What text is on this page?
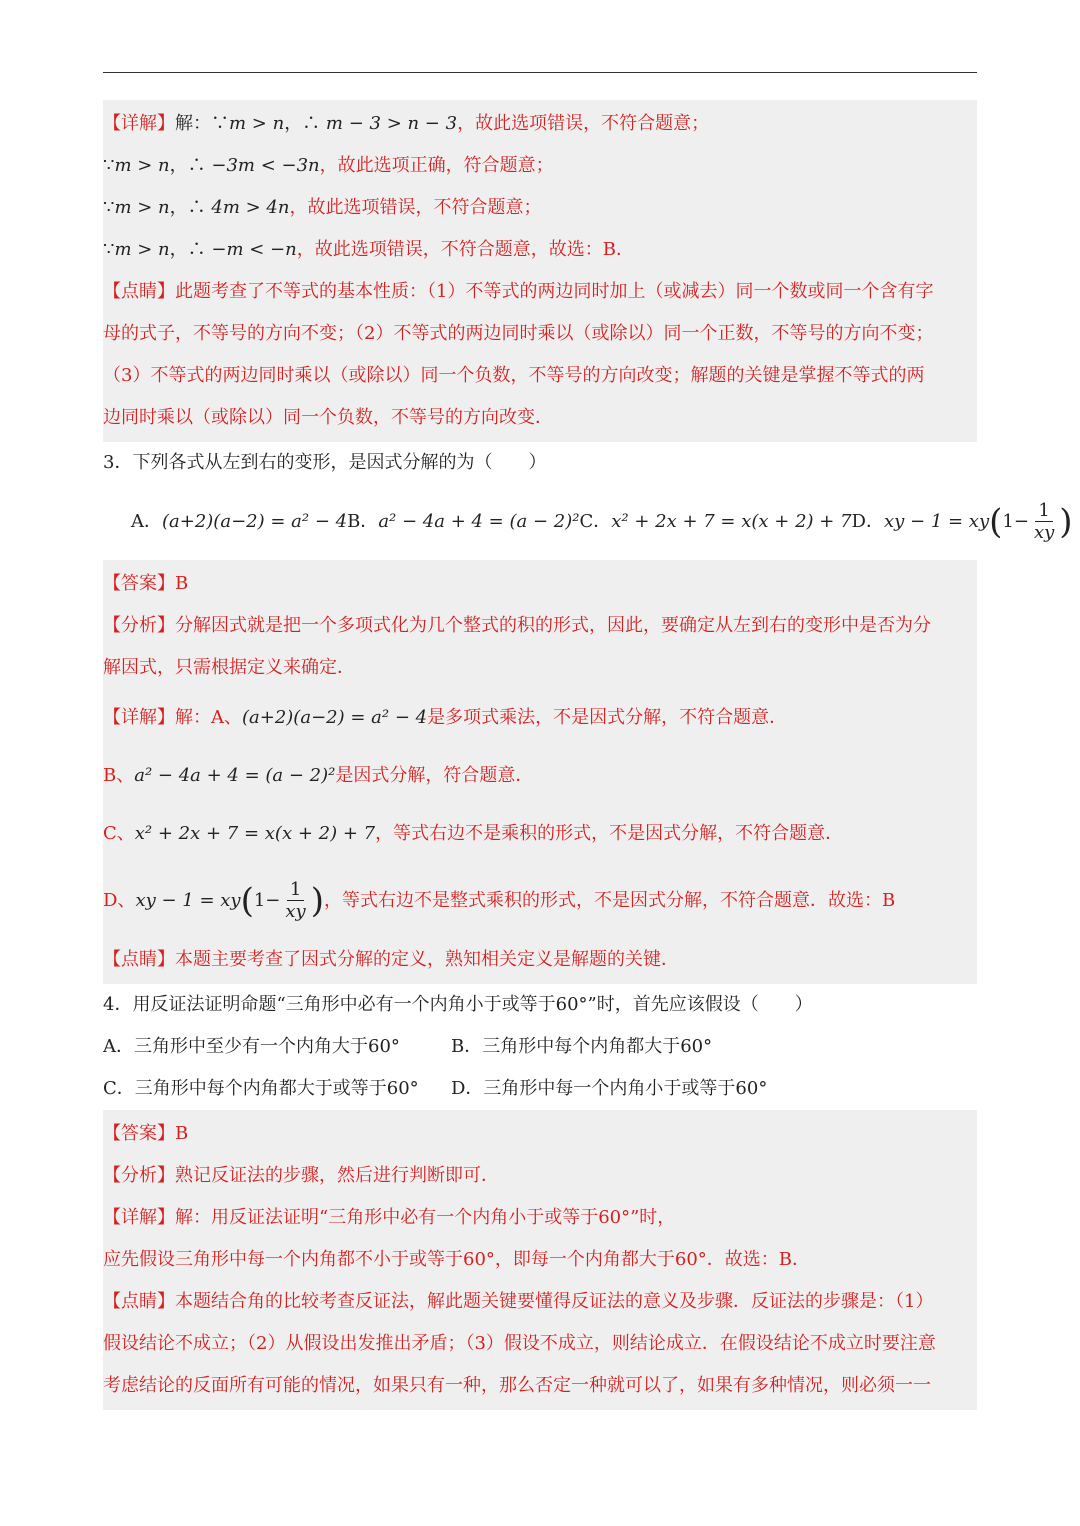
【详解】解：∵m > n，∴ m − 3 > n − 3，故此选项错误，不符合题意；
∵m > n，∴ −3m < −3n，故此选项正确，符合题意；
∵m > n，∴ 4m > 4n，故此选项错误，不符合题意；
∵m > n，∴ −m < −n，故此选项错误，不符合题意，故选：B．
【点睛】此题考查了不等式的基本性质：（1）不等式的两边同时加上（或减去）同一个数或同一个含有字
母的式子，不等号的方向不变；（2）不等式的两边同时乘以（或除以）同一个正数，不等号的方向不变；
（3）不等式的两边同时乘以（或除以）同一个负数，不等号的方向改变；解题的关键是掌握不等式的两
边同时乘以（或除以）同一个负数，不等号的方向改变．
3．下列各式从左到右的变形，是因式分解的为（　　）
A． (a+2)(a−2) = a² − 4 B． a² − 4a + 4 = (a − 2)² C． x² + 2x + 7 = x(x + 2) + 7 D． xy − $1 = xy(1- \frac{1}{xy}$ )
【答案】B
【分析】分解因式就是把一个多项式化为几个整式的积的形式，因此，要确定从左到右的变形中是否为分
解因式，只需根据定义来确定．
【详解】 解：A、 (a+2)(a−2) = a² − 4 是多项式乘法，不是因式分解，不符合题意．
B、 a² − 4a + 4 = (a − 2)² 是因式分解，符合题意．
C、 x² + 2x + 7 = x(x + 2) + 7 ，等式右边不是乘积的形式，不是因式分解，不符合题意．
D、 xy − $1 = xy(1- \frac{1}{xy}$ ) ，等式右边不是整式乘积的形式，不是因式分解，不符合题意．故选：B
【点睛】本题主要考查了因式分解的定义，熟知相关定义是解题的关键．
4．用反证法证明命题“三角形中必有一个内角小于或等于60°”时，首先应该假设（　　）
A．三角形中至少有一个内角大于60°	B．三角形中每个内角都大于60°
C．三角形中每个内角都大于或等于60° D．三角形中每一个内角小于或等于60°
【答案】B
【分析】熟记反证法的步骤，然后进行判断即可．
【详解】解：用反证法证明“三角形中必有一个内角小于或等于60°”时，
应先假设三角形中每一个内角都不小于或等于60°，即每一个内角都大于60°．故选：B．
【点睛】本题结合角的比较考查反证法，解此题关键要懂得反证法的意义及步骤．反证法的步骤是：（1）
假设结论不成立；（2）从假设出发推出矛盾；（3）假设不成立，则结论成立．在假设结论不成立时要注意
考虑结论的反面所有可能的情况，如果只有一种，那么否定一种就可以了，如果有多种情况，则必须一一
